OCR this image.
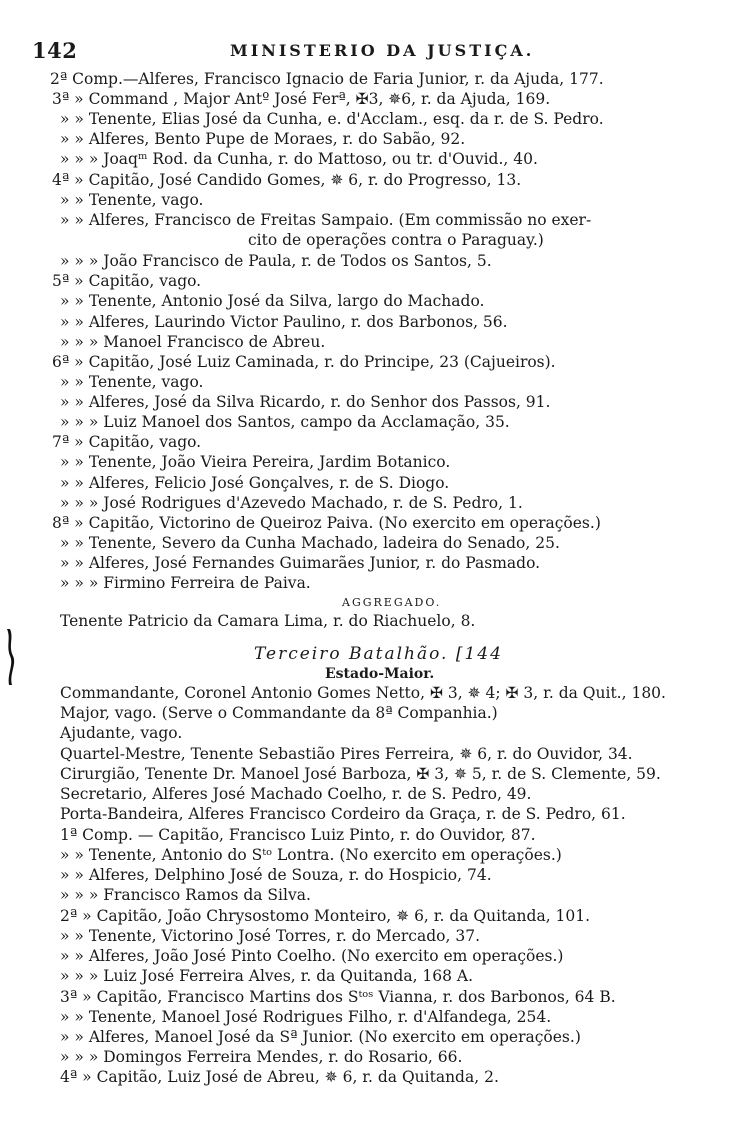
142	MINISTERIO DA JUSTIÇA.
2ª Comp.—Alferes, Francisco Ignacio de Faria Junior, r. da Ajuda, 177.
3ª » Command , Major Antº José Ferª, ✠3, ✵6, r. da Ajuda, 169.
» » Tenente, Elias José da Cunha, e. d'Acclam., esq. da r. de S. Pedro.
» » Alferes, Bento Pupe de Moraes, r. do Sabão, 92.
» » » Joaqᵐ Rod. da Cunha, r. do Mattoso, ou tr. d'Ouvid., 40.
4ª » Capitão, José Candido Gomes, ✵ 6, r. do Progresso, 13.
» » Tenente, vago.
» » Alferes, Francisco de Freitas Sampaio. (Em commissão no exer-
cito de operações contra o Paraguay.)
» » » João Francisco de Paula, r. de Todos os Santos, 5.
5ª » Capitão, vago.
» » Tenente, Antonio José da Silva, largo do Machado.
» » Alferes, Laurindo Victor Paulino, r. dos Barbonos, 56.
» » » Manoel Francisco de Abreu.
6ª » Capitão, José Luiz Caminada, r. do Principe, 23 (Cajueiros).
» » Tenente, vago.
» » Alferes, José da Silva Ricardo, r. do Senhor dos Passos, 91.
» » » Luiz Manoel dos Santos, campo da Acclamação, 35.
7ª » Capitão, vago.
» » Tenente, João Vieira Pereira, Jardim Botanico.
» » Alferes, Felicio José Gonçalves, r. de S. Diogo.
» » » José Rodrigues d'Azevedo Machado, r. de S. Pedro, 1.
8ª » Capitão, Victorino de Queiroz Paiva. (No exercito em operações.)
» » Tenente, Severo da Cunha Machado, ladeira do Senado, 25.
» » Alferes, José Fernandes Guimarães Junior, r. do Pasmado.
» » » Firmino Ferreira de Paiva.
AGGREGADO.
Tenente Patricio da Camara Lima, r. do Riachuelo, 8.
Terceiro Batalhão. [144
Estado-Maior.
Commandante, Coronel Antonio Gomes Netto, ✠ 3, ✵ 4; ✠ 3, r. da Quit., 180.
Major, vago. (Serve o Commandante da 8ª Companhia.)
Ajudante, vago.
Quartel-Mestre, Tenente Sebastião Pires Ferreira, ✵ 6, r. do Ouvidor, 34.
Cirurgião, Tenente Dr. Manoel José Barboza, ✠ 3, ✵ 5, r. de S. Clemente, 59.
Secretario, Alferes José Machado Coelho, r. de S. Pedro, 49.
Porta-Bandeira, Alferes Francisco Cordeiro da Graça, r. de S. Pedro, 61.
1ª Comp. — Capitão, Francisco Luiz Pinto, r. do Ouvidor, 87.
» » Tenente, Antonio do Sᵗᵒ Lontra. (No exercito em operações.)
» » Alferes, Delphino José de Souza, r. do Hospicio, 74.
» » » Francisco Ramos da Silva.
2ª » Capitão, João Chrysostomo Monteiro, ✵ 6, r. da Quitanda, 101.
» » Tenente, Victorino José Torres, r. do Mercado, 37.
» » Alferes, João José Pinto Coelho. (No exercito em operações.)
» » » Luiz José Ferreira Alves, r. da Quitanda, 168 A.
3ª » Capitão, Francisco Martins dos Sᵗᵒˢ Vianna, r. dos Barbonos, 64 B.
» » Tenente, Manoel José Rodrigues Filho, r. d'Alfandega, 254.
» » Alferes, Manoel José da Sª Junior. (No exercito em operações.)
» » » Domingos Ferreira Mendes, r. do Rosario, 66.
4ª » Capitão, Luiz José de Abreu, ✵ 6, r. da Quitanda, 2.
